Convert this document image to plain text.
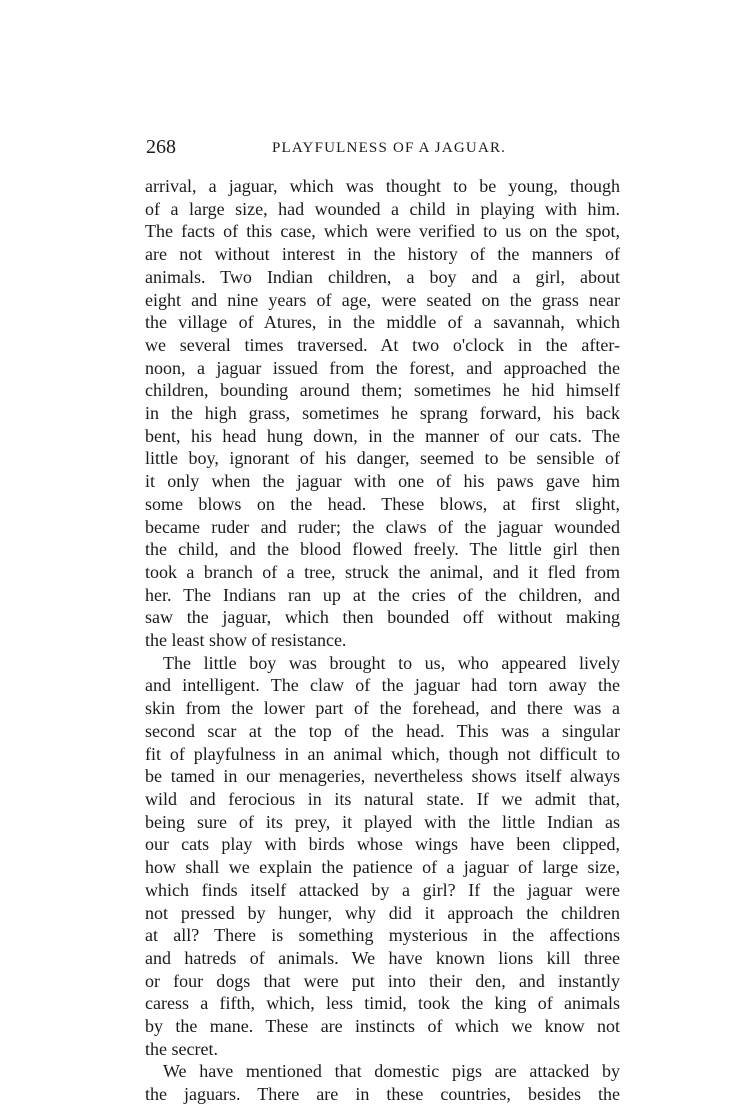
268	PLAYFULNESS OF A JAGUAR.
arrival, a jaguar, which was thought to be young, though
of a large size, had wounded a child in playing with him.
The facts of this case, which were verified to us on the spot,
are not without interest in the history of the manners of
animals. Two Indian children, a boy and a girl, about
eight and nine years of age, were seated on the grass near
the village of Atures, in the middle of a savannah, which
we several times traversed. At two o'clock in the after-
noon, a jaguar issued from the forest, and approached the
children, bounding around them; sometimes he hid himself
in the high grass, sometimes he sprang forward, his back
bent, his head hung down, in the manner of our cats. The
little boy, ignorant of his danger, seemed to be sensible of
it only when the jaguar with one of his paws gave him
some blows on the head. These blows, at first slight,
became ruder and ruder; the claws of the jaguar wounded
the child, and the blood flowed freely. The little girl then
took a branch of a tree, struck the animal, and it fled from
her. The Indians ran up at the cries of the children, and
saw the jaguar, which then bounded off without making
the least show of resistance.
The little boy was brought to us, who appeared lively
and intelligent. The claw of the jaguar had torn away the
skin from the lower part of the forehead, and there was a
second scar at the top of the head. This was a singular
fit of playfulness in an animal which, though not difficult to
be tamed in our menageries, nevertheless shows itself always
wild and ferocious in its natural state. If we admit that,
being sure of its prey, it played with the little Indian as
our cats play with birds whose wings have been clipped,
how shall we explain the patience of a jaguar of large size,
which finds itself attacked by a girl? If the jaguar were
not pressed by hunger, why did it approach the children
at all? There is something mysterious in the affections
and hatreds of animals. We have known lions kill three
or four dogs that were put into their den, and instantly
caress a fifth, which, less timid, took the king of animals
by the mane. These are instincts of which we know not
the secret.
We have mentioned that domestic pigs are attacked by
the jaguars. There are in these countries, besides the
